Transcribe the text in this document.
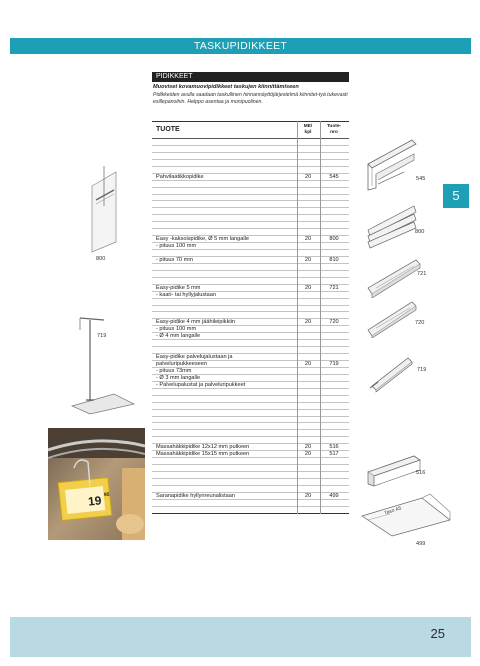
TASKUPIDIKKEET
5
PIDIKKEET
Muoviset kovamuovipidikkeet taskujen kiinnittämiseen
Pidikkeiden avulla saadaan taskullinen hinnannäyttöjärjestelmä kiinnitet-tyä tukevasti esillepanoihin. Helppo asentaa ja monipuolinen.
TUOTE	ME/
kpl
Tuote-
nro
Pahvilaatikkopidike	20	545
Easy -kaksoispidike, Ø 5 mm langalle	20	800
- pituus 100 mm
- pituus 70 mm	20	810
Easy-pidike 5 mm	20	721
- kaari- tai hyllyjalustaan
Easy-pidike 4 mm jäähileipikkiin	20	720
- pituus 100 mm
- Ø 4 mm langalle
Easy-pidike palvelujalustaan ja
palveluripukkeeseen	20	719
- pituus 73mm
- Ø 3 mm langalle
- Palvelupalustat ja palveluripukkeet
Massahäkkipidike 12x12 mm putkeen	20	516
Massahäkkipidike 15x15 mm putkeen	20	517
Saranapidike hyllynreunalistaan	20	499
800
719
19 95
545
800
721
720
719
516
Taso A5
499
25
